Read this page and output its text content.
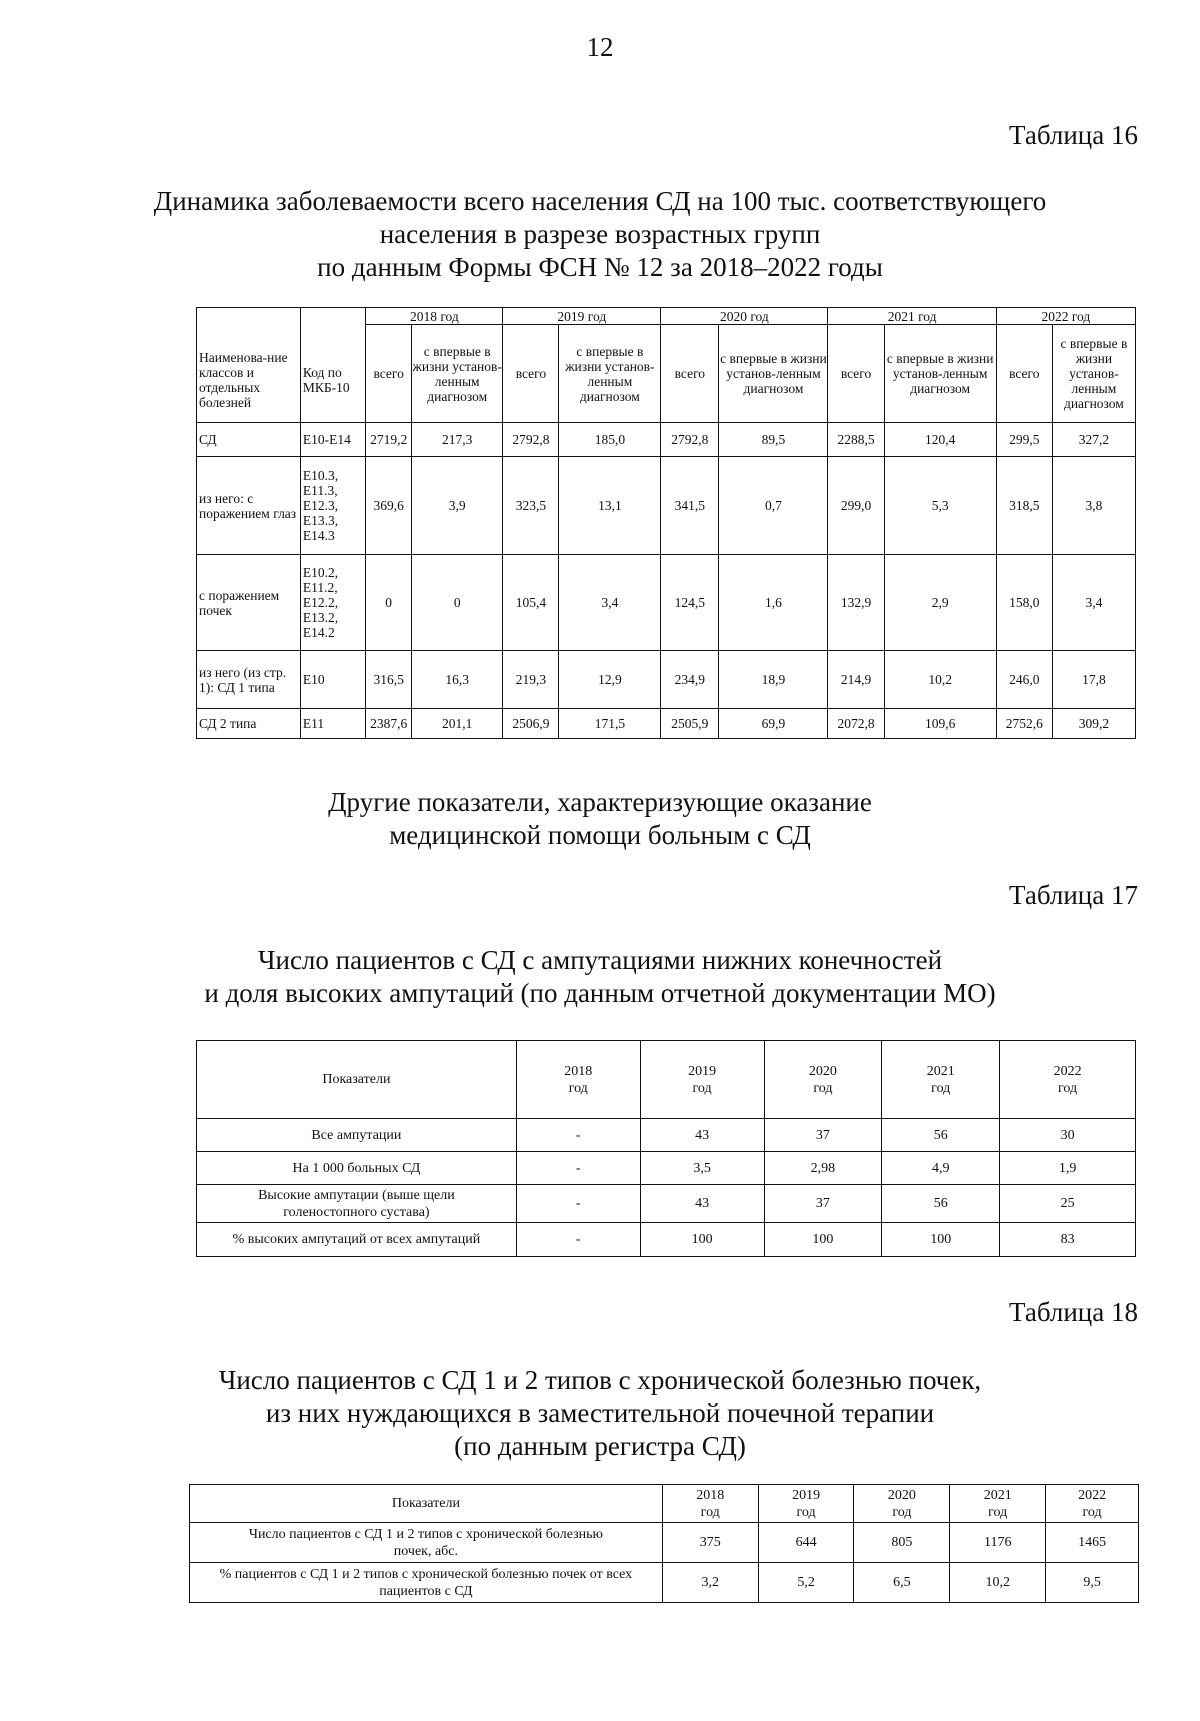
12
Таблица 16
Динамика заболеваемости всего населения СД на 100 тыс. соответствующего
населения в разрезе возрастных групп
по данным Формы ФСН № 12 за 2018–2022 годы
Наименова-ние классов и отдельных болезней	Код по МКБ-10	2018 год		2019 год		2020 год		2021 год		2022 год	
		всего	с впервые в жизни установ-ленным диагнозом	всего	с впервые в жизни установ-ленным диагнозом	всего	с впервые в жизни установ-ленным диагнозом	всего	с впервые в жизни установ-ленным диагнозом	всего	с впервые в жизни установ-ленным диагнозом
СД	Е10-Е14	2719,2	217,3	2792,8	185,0	2792,8	89,5	2288,5	120,4	299,5	327,2
из него: с поражением глаз	Е10.3, Е11.3, Е12.3, Е13.3, Е14.3	369,6	3,9	323,5	13,1	341,5	0,7	299,0	5,3	318,5	3,8
с поражением почек	Е10.2, Е11.2, Е12.2, Е13.2, Е14.2	0	0	105,4	3,4	124,5	1,6	132,9	2,9	158,0	3,4
из него (из стр. 1): СД 1 типа	Е10	316,5	16,3	219,3	12,9	234,9	18,9	214,9	10,2	246,0	17,8
СД 2 типа	Е11	2387,6	201,1	2506,9	171,5	2505,9	69,9	2072,8	109,6	2752,6	309,2
Другие показатели, характеризующие оказание
медицинской помощи больным с СД
Таблица 17
Число пациентов с СД с ампутациями нижних конечностей
и доля высоких ампутаций (по данным отчетной документации МО)
Показатели	2018 год	2019 год	2020 год	2021 год	2022 год

Все ампутации	-	43	37	56	30
На 1 000 больных СД	-	3,5	2,98	4,9	1,9

Высокие ампутации (выше щели голеностопного сустава)	-	43	37	56	25
% высоких ампутаций от всех ампутаций	-	100	100	100	83
Таблица 18
Число пациентов с СД 1 и 2 типов с хронической болезнью почек,
из них нуждающихся в заместительной почечной терапии
(по данным регистра СД)
Показатели	2018 год	2019 год	2020 год	2021 год	2022 год

Число пациентов с СД 1 и 2 типов с хронической болезнью почек, абс.	375	644	805	1176	1465

% пациентов с СД 1 и 2 типов с хронической болезнью почек от всех пациентов с СД	3,2	5,2	6,5	10,2	9,5
